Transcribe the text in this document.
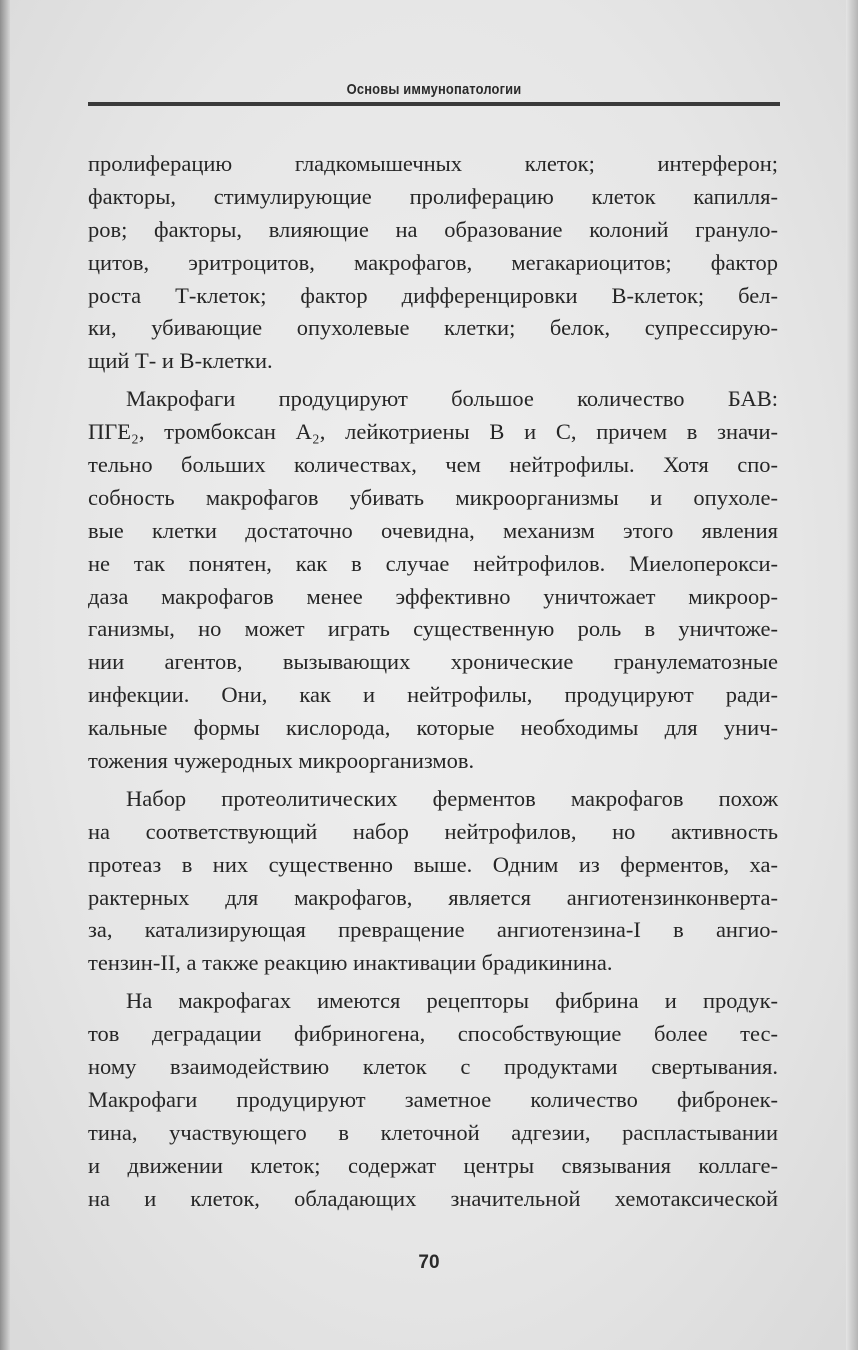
Основы иммунопатологии
пролиферацию гладкомышечных клеток; интерферон;
факторы, стимулирующие пролиферацию клеток капилля-
ров; факторы, влияющие на образование колоний грануло-
цитов, эритроцитов, макрофагов, мегакариоцитов; фактор
роста Т-клеток; фактор дифференцировки В-клеток; бел-
ки, убивающие опухолевые клетки; белок, супрессирую-
щий Т- и В-клетки.
Макрофаги продуцируют большое количество БАВ:
ПГЕ₂, тромбоксан А₂, лейкотриены В и С, причем в значи-
тельно больших количествах, чем нейтрофилы. Хотя спо-
собность макрофагов убивать микроорганизмы и опухоле-
вые клетки достаточно очевидна, механизм этого явления
не так понятен, как в случае нейтрофилов. Миелоперокси-
даза макрофагов менее эффективно уничтожает микроор-
ганизмы, но может играть существенную роль в уничтоже-
нии агентов, вызывающих хронические гранулематозные
инфекции. Они, как и нейтрофилы, продуцируют ради-
кальные формы кислорода, которые необходимы для унич-
тожения чужеродных микроорганизмов.
Набор протеолитических ферментов макрофагов похож
на соответствующий набор нейтрофилов, но активность
протеаз в них существенно выше. Одним из ферментов, ха-
рактерных для макрофагов, является ангиотензинконверта-
за, катализирующая превращение ангиотензина-I в ангио-
тензин-II, а также реакцию инактивации брадикинина.
На макрофагах имеются рецепторы фибрина и продук-
тов деградации фибриногена, способствующие более тес-
ному взаимодействию клеток с продуктами свертывания.
Макрофаги продуцируют заметное количество фибронек-
тина, участвующего в клеточной адгезии, распластывании
и движении клеток; содержат центры связывания коллаге-
на и клеток, обладающих значительной хемотаксической
70
